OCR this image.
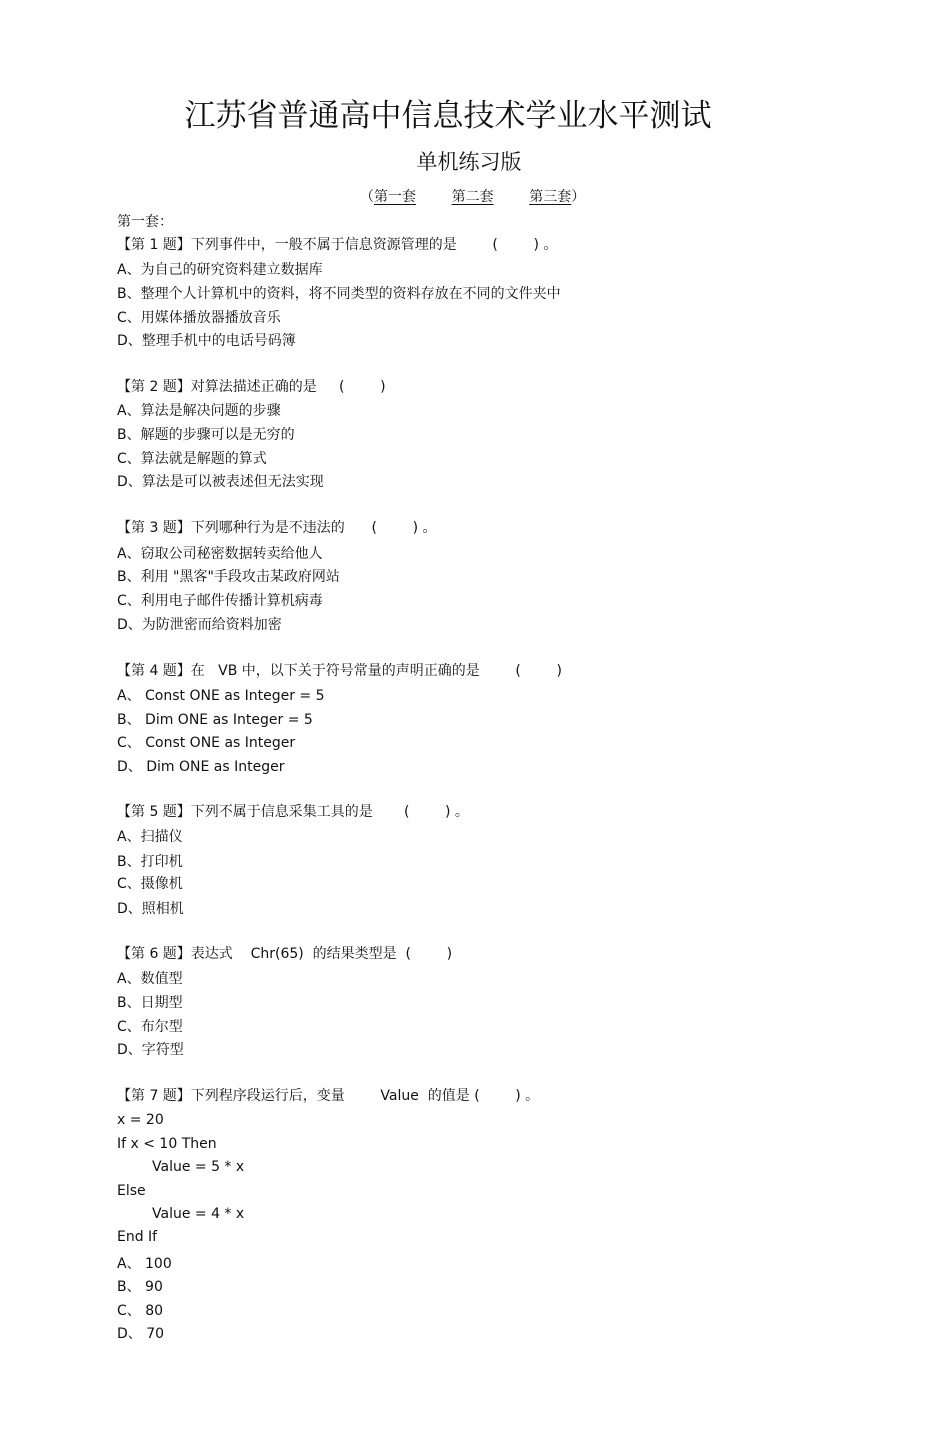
江苏省普通高中信息技术学业水平测试
单机练习版
（第一套	第二套	第三套）
第一套：
【第 1 题】下列事件中，一般不属于信息资源管理的是        (        ) 。
A、为自己的研究资料建立数据库
B、整理个人计算机中的资料，将不同类型的资料存放在不同的文件夹中
C、用媒体播放器播放音乐
D、整理手机中的电话号码簿
【第 2 题】对算法描述正确的是     (        )
A、算法是解决问题的步骤
B、解题的步骤可以是无穷的
C、算法就是解题的算式
D、算法是可以被表述但无法实现
【第 3 题】下列哪种行为是不违法的      (        ) 。
A、窃取公司秘密数据转卖给他人
B、利用 "黑客"手段攻击某政府网站
C、利用电子邮件传播计算机病毒
D、为防泄密而给资料加密
【第 4 题】在   VB 中，以下关于符号常量的声明正确的是        (        )
A、 Const ONE as Integer = 5
B、 Dim ONE as Integer = 5
C、 Const ONE as Integer
D、 Dim ONE as Integer
【第 5 题】下列不属于信息采集工具的是       (        ) 。
A、扫描仪
B、打印机
C、摄像机
D、照相机
【第 6 题】表达式    Chr(65)  的结果类型是  (        )
A、数值型
B、日期型
C、布尔型
D、字符型
【第 7 题】下列程序段运行后，变量        Value  的值是 (        ) 。
x = 20
If x < 10 Then
Value = 5 * x
Else
Value = 4 * x
End If
A、 100
B、 90
C、 80
D、 70
